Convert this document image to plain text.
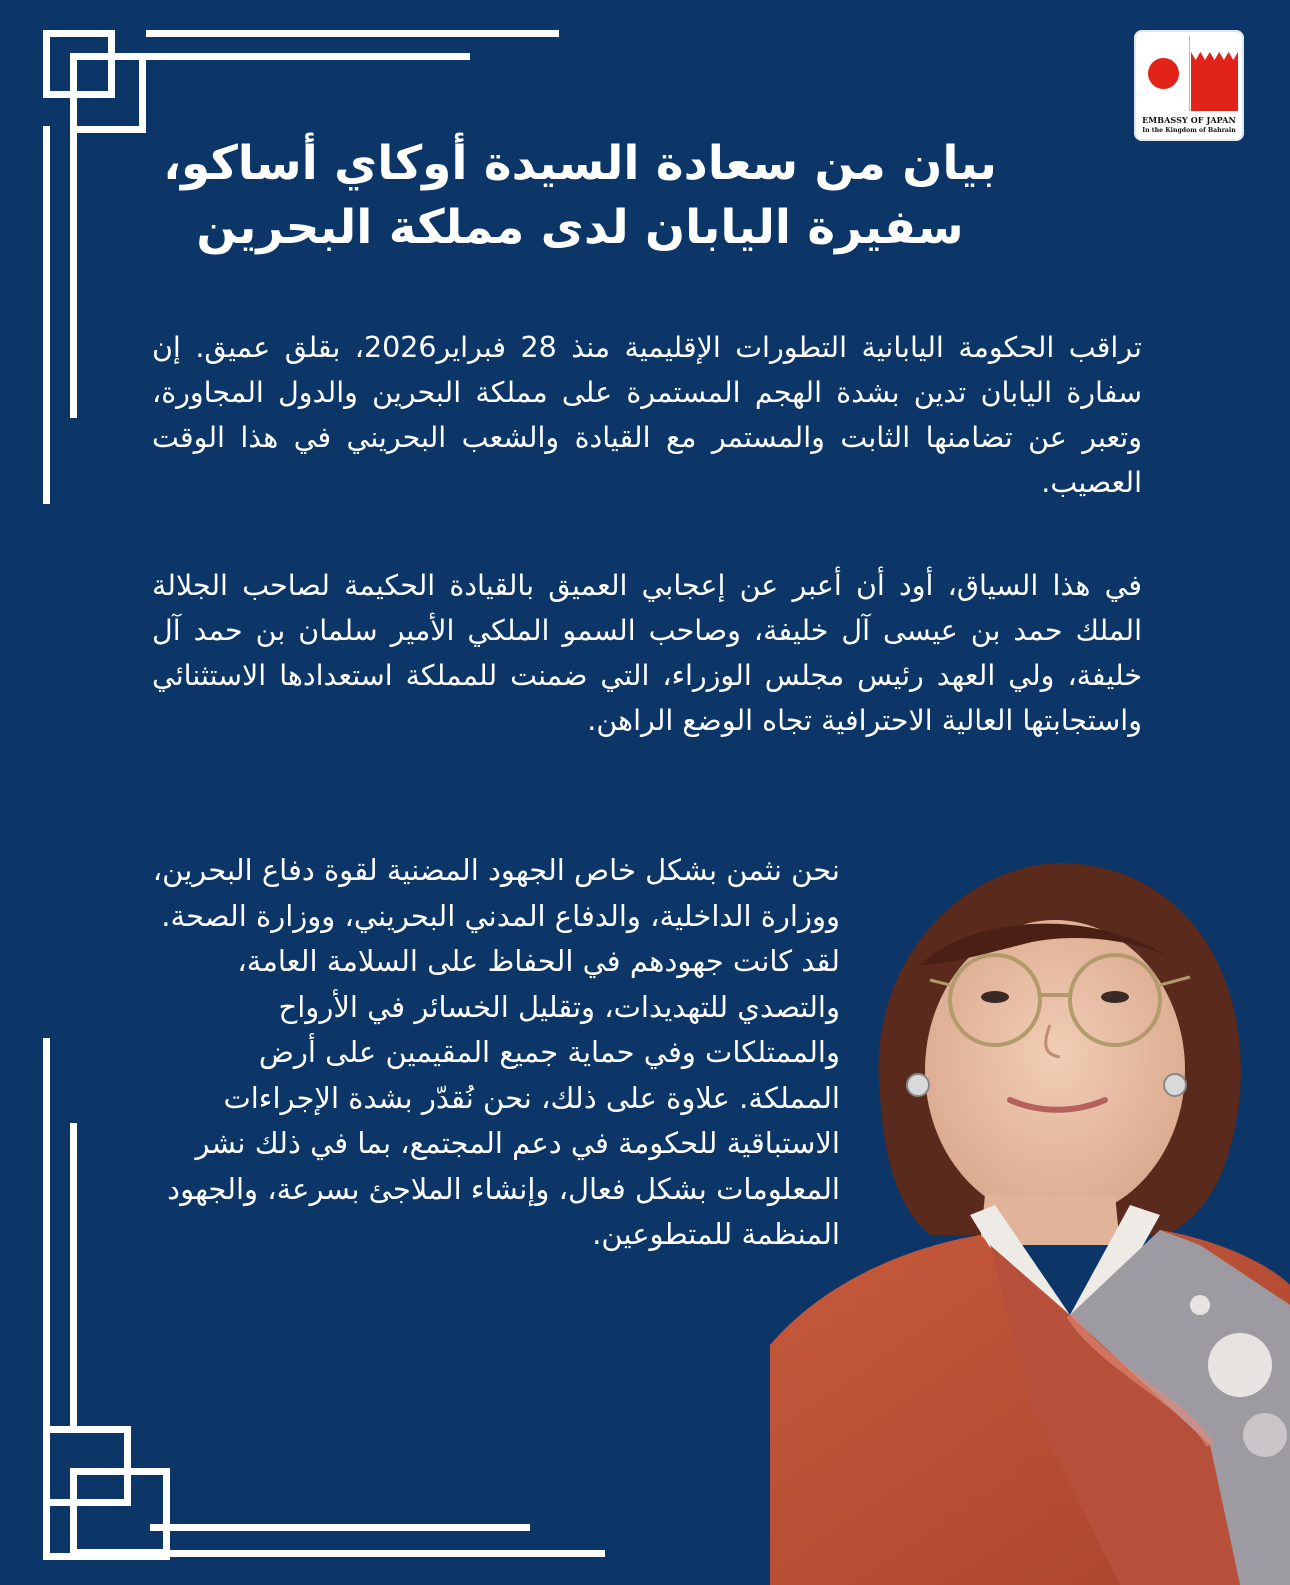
EMBASSY OF JAPAN
In the Kingdom of Bahrain
بيان من سعادة السيدة أوكاي أساكو،
سفيرة اليابان لدى مملكة البحرين
تراقب الحكومة اليابانية التطورات الإقليمية منذ 28 فبراير2026، بقلق عميق. إن سفارة اليابان تدين بشدة الهجم المستمرة على مملكة البحرين والدول المجاورة، وتعبر عن تضامنها الثابت والمستمر مع القيادة والشعب البحريني في هذا الوقت العصيب.
في هذا السياق، أود أن أعبر عن إعجابي العميق بالقيادة الحكيمة لصاحب الجلالة الملك حمد بن عيسى آل خليفة، وصاحب السمو الملكي الأمير سلمان بن حمد آل خليفة، ولي العهد رئيس مجلس الوزراء، التي ضمنت للمملكة استعدادها الاستثنائي واستجابتها العالية الاحترافية تجاه الوضع الراهن.
نحن نثمن بشكل خاص الجهود المضنية لقوة دفاع البحرين، ووزارة الداخلية، والدفاع المدني البحريني، ووزارة الصحة. لقد كانت جهودهم في الحفاظ على السلامة العامة، والتصدي للتهديدات، وتقليل الخسائر في الأرواح والممتلكات وفي حماية جميع المقيمين على أرض المملكة. علاوة على ذلك، نحن نُقدّر بشدة الإجراءات الاستباقية للحكومة في دعم المجتمع، بما في ذلك نشر المعلومات بشكل فعال، وإنشاء الملاجئ بسرعة، والجهود المنظمة للمتطوعين.
